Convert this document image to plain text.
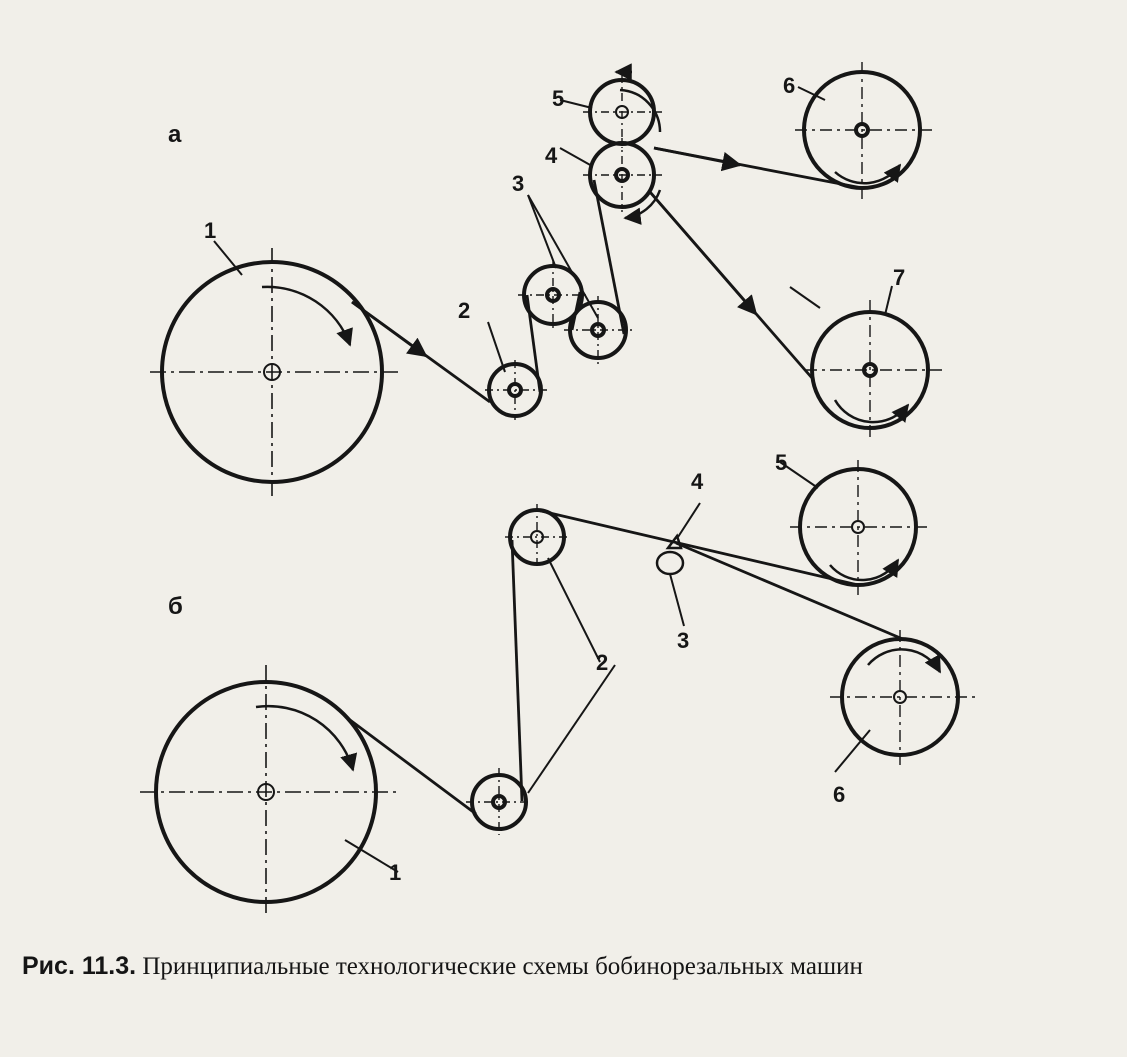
а
б
1
2
3
4
5
6
7
1
2
3
4
5
6
Рис. 11.3. Принципиальные технологические схемы бобинорезальных машин
